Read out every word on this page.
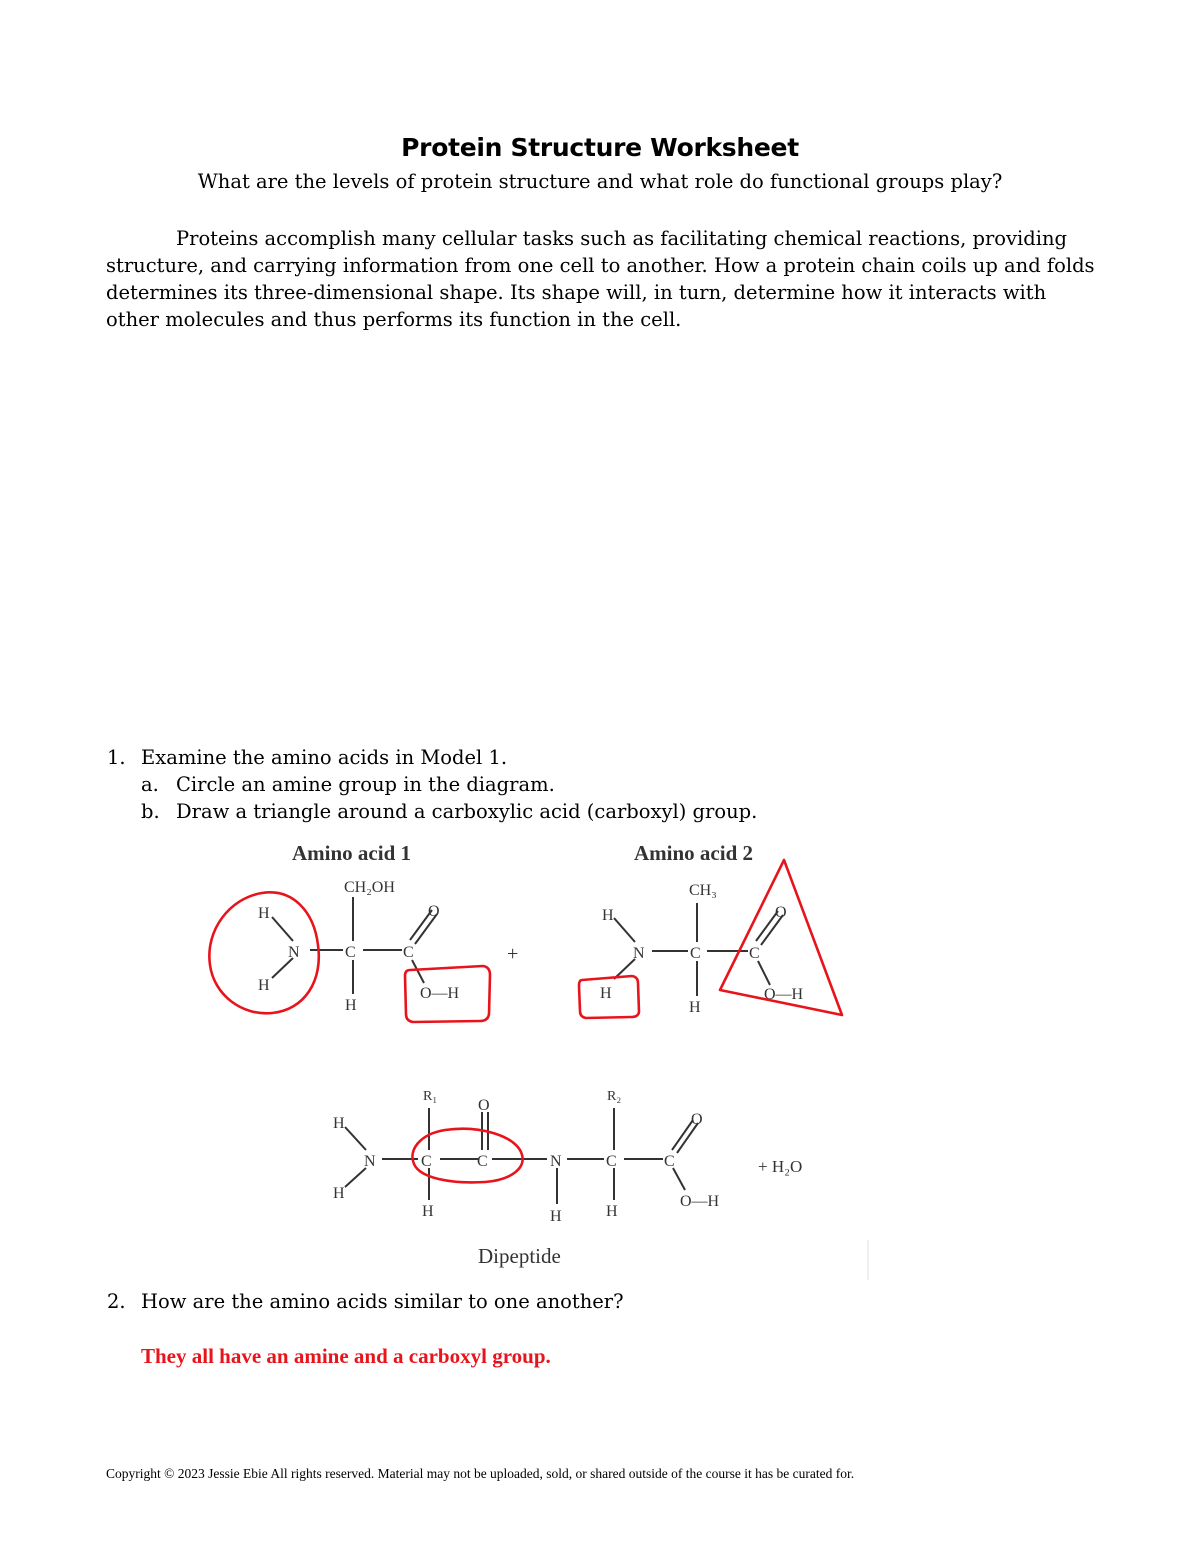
Protein Structure Worksheet
What are the levels of protein structure and what role do functional groups play?

Proteins accomplish many cellular tasks such as facilitating chemical reactions, providing structure, and carrying information from one cell to another. How a protein chain coils up and folds determines its three-dimensional shape. Its shape will, in turn, determine how it interacts with other molecules and thus performs its function in the cell.

1. Examine the amino acids in Model 1.
a. Circle an amine group in the diagram.
b. Draw a triangle around a carboxylic acid (carboxyl) group.
Amino acid 1	Amino acid 2
CH₂OH	CH₃
H
H
N	C
H
C
O
O—H
+
H
H
N	C
H
C
O
O—H
R₁	R₂
O
H
H
N	C	C	N	C	C
O
H	H	H
O—H
+ H₂O
Dipeptide
2. How are the amino acids similar to one another?
They all have an amine and a carboxyl group.
Copyright © 2023 Jessie Ebie All rights reserved. Material may not be uploaded, sold, or shared outside of the course it has be curated for.
